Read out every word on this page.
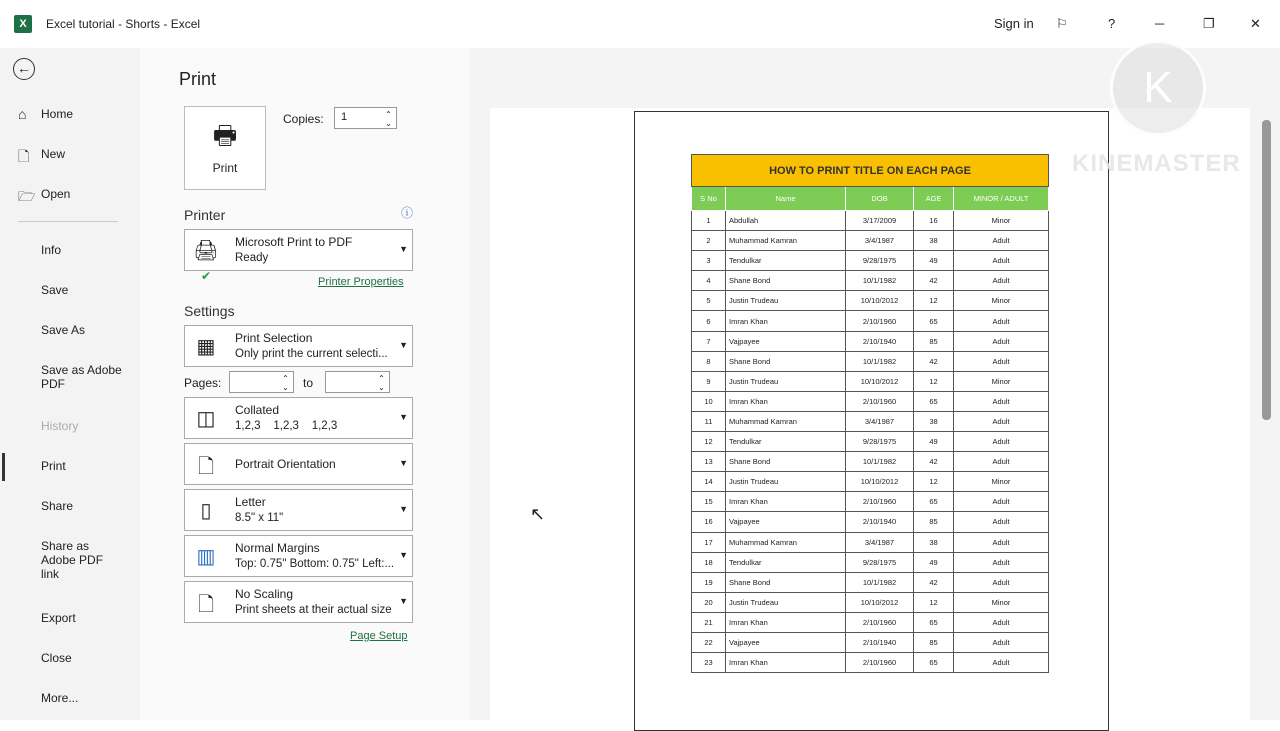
X	Excel tutorial - Shorts - Excel	Sign in ⚐	?	─	❐	✕
←
⌂ Home
🗋 New
🗁 Open
Info
Save
Save As
Save as Adobe PDF
History
Print
Share
Share as Adobe PDF link
Export
Close
More...
Print
🖶
Print
Copies:	1 ⌃⌄
Printer	ⓘ
🖨✔
Microsoft Print to PDF
Ready
▼
Printer Properties
Settings
▦	Print Selection
Only print the current selecti...
▼
Pages: ⌃⌄	to
⌃⌄
◫	Collated
1,2,3    1,2,3    1,2,3
▼
🗋	Portrait Orientation	▼
▯	Letter
8.5" x 11"
▼
▥	Normal Margins
Top: 0.75" Bottom: 0.75" Left:...
▼
🗋	No Scaling
Print sheets at their actual size
▼
Page Setup
HOW TO PRINT TITLE ON EACH PAGE				
S No	Name	DOB	AGE	MINOR / ADULT
1	Abdullah	3/17/2009	16	Minor
2	Muhammad Kamran	3/4/1987	38	Adult
3	Tendulkar	9/28/1975	49	Adult
4	Shane Bond	10/1/1982	42	Adult
5	Justin Trudeau	10/10/2012	12	Minor
6	Imran Khan	2/10/1960	65	Adult
7	Vajpayee	2/10/1940	85	Adult
8	Shane Bond	10/1/1982	42	Adult
9	Justin Trudeau	10/10/2012	12	Minor
10	Imran Khan	2/10/1960	65	Adult
11	Muhammad Kamran	3/4/1987	38	Adult
12	Tendulkar	9/28/1975	49	Adult
13	Shane Bond	10/1/1982	42	Adult
14	Justin Trudeau	10/10/2012	12	Minor
15	Imran Khan	2/10/1960	65	Adult
16	Vajpayee	2/10/1940	85	Adult
17	Muhammad Kamran	3/4/1987	38	Adult
18	Tendulkar	9/28/1975	49	Adult
19	Shane Bond	10/1/1982	42	Adult
20	Justin Trudeau	10/10/2012	12	Minor
21	Imran Khan	2/10/1960	65	Adult
22	Vajpayee	2/10/1940	85	Adult
23	Imran Khan	2/10/1960	65	Adult
↖
K
KINEMASTER
